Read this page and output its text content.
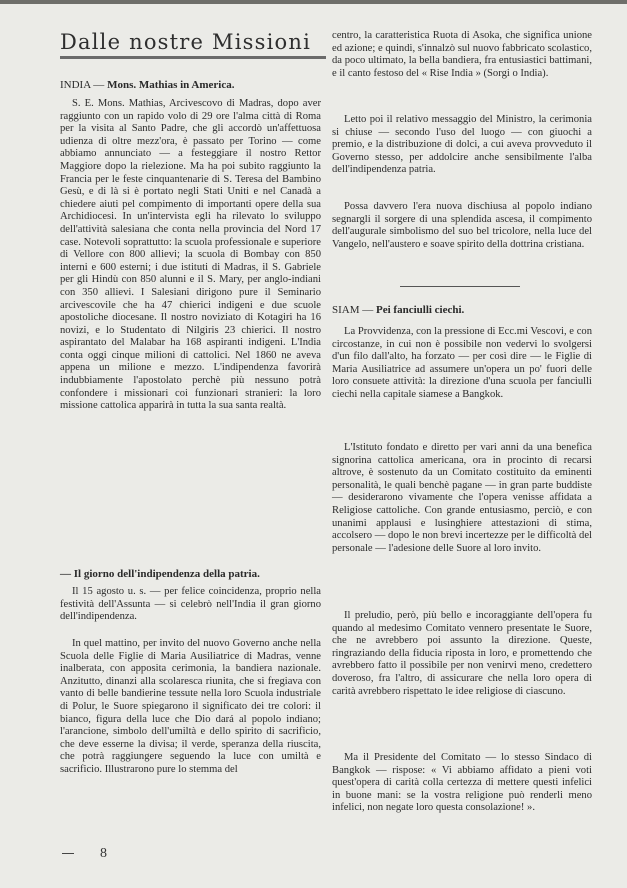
Dalle nostre Missioni
INDIA — Mons. Mathias in America.

S. E. Mons. Mathias, Arcivescovo di Madras, dopo aver raggiunto con un rapido volo di 29 ore l'alma città di Roma per la visita al Santo Padre, che gli accordò un'affettuosa udienza di oltre mezz'ora, è passato per Torino — come abbiamo annunciato — a festeggiare il nostro Rettor Maggiore dopo la rielezione. Ma ha poi subito raggiunto la Francia per le feste cinquantenarie di S. Teresa del Bambino Gesù, e di là si è portato negli Stati Uniti e nel Canadà a chiedere aiuti pel compimento di importanti opere della sua Archidiocesi. In un'intervista egli ha rilevato lo sviluppo dell'attività salesiana che conta nella provincia del Nord 17 case. Notevoli soprattutto: la scuola professionale e superiore di Vellore con 800 allievi; la scuola di Bombay con 850 interni e 600 esterni; i due istituti di Madras, il S. Gabriele per gli Hindù con 850 alunni e il S. Mary, per anglo-indiani con 350 allievi. I Salesiani dirigono pure il Seminario arcivescovile che ha 47 chierici indigeni e due scuole apostoliche diocesane. Il nostro noviziato di Kotagiri ha 16 novizi, e lo Studentato di Nilgiris 23 chierici. Il nostro aspirantato del Malabar ha 168 aspiranti indigeni. L'India conta oggi cinque milioni di cattolici. Nel 1860 ne aveva appena un milione e mezzo. L'indipendenza favorirà indubbiamente l'apostolato perchè più nessuno potrà confondere i missionari coi funzionari stranieri: la loro missione cattolica apparirà in tutta la sua santa realtà.

— Il giorno dell'indipendenza della patria.

Il 15 agosto u. s. — per felice coincidenza, proprio nella festività dell'Assunta — si celebrò nell'India il gran giorno dell'indipendenza.

In quel mattino, per invito del nuovo Governo anche nella Scuola delle Figlie di Maria Ausiliatrice di Madras, venne inalberata, con apposita cerimonia, la bandiera nazionale. Anzitutto, dinanzi alla scolaresca riunita, che si fregiava con vanto di belle bandierine tessute nella loro Scuola industriale di Polur, le Suore spiegarono il significato dei tre colori: il bianco, figura della luce che Dio dará al popolo indiano; l'arancione, simbolo dell'umiltà e dello spirito di sacrificio, che deve esserne la divisa; il verde, speranza della riuscita, che potrà raggiungere seguendo la luce con umiltà e sacrificio. Illustrarono pure lo stemma del

8

centro, la caratteristica Ruota di Asoka, che significa unione ed azione; e quindi, s'innalzò sul nuovo fabbricato scolastico, da poco ultimato, la bella bandiera, fra entusiastici battimani, e il canto festoso del « Rise India » (Sorgi o India).

Letto poi il relativo messaggio del Ministro, la cerimonia si chiuse — secondo l'uso del luogo — con giuochi a premio, e la distribuzione di dolci, a cui aveva provveduto il Governo stesso, per addolcire anche sensibilmente l'alba dell'indipendenza patria.

Possa davvero l'era nuova dischiusa al popolo indiano segnargli il sorgere di una splendida ascesa, il compimento dell'augurale simbolismo del suo bel tricolore, nella luce del Vangelo, nell'austero e soave spirito della dottrina cristiana.

SIAM — Pei fanciulli ciechi.

La Provvidenza, con la pressione di Ecc.mi Vescovi, e con circostanze, in cui non è possibile non vedervi lo svolgersi d'un filo dall'alto, ha forzato — per così dire — le Figlie di Maria Ausiliatrice ad assumere un'opera un po' fuori delle loro consuete attività: la direzione d'una scuola per fanciulli ciechi nella capitale siamese a Bangkok.

L'Istituto fondato e diretto per vari anni da una benefica signorina cattolica americana, ora in procinto di recarsi altrove, è sostenuto da un Comitato costituito da eminenti personalità, le quali benchè pagane — in gran parte buddiste — desiderarono vivamente che l'opera venisse affidata a Religiose cattoliche. Con grande entusiasmo, perciò, e con unanimi applausi e lusinghiere attestazioni di stima, accolsero — dopo le non brevi incertezze per le difficoltà del personale — l'adesione delle Suore al loro invito.

Il preludio, però, più bello e incoraggiante dell'opera fu quando al medesimo Comitato vennero presentate le Suore, che ne avrebbero poi assunto la direzione. Queste, ringraziando della fiducia riposta in loro, e promettendo che avrebbero fatto il possibile per non venirvi meno, credettero doveroso, fra l'altro, di assicurare che nella loro opera di carità avrebbero rispettato le idee religiose di ciascuno.

Ma il Presidente del Comitato — lo stesso Sindaco di Bangkok — rispose: « Vi abbiamo affidato a pieni voti quest'opera di carità colla certezza di mettere questi infelici in buone mani: se la vostra religione può renderli meno infelici, non negate loro questa consolazione! ».
